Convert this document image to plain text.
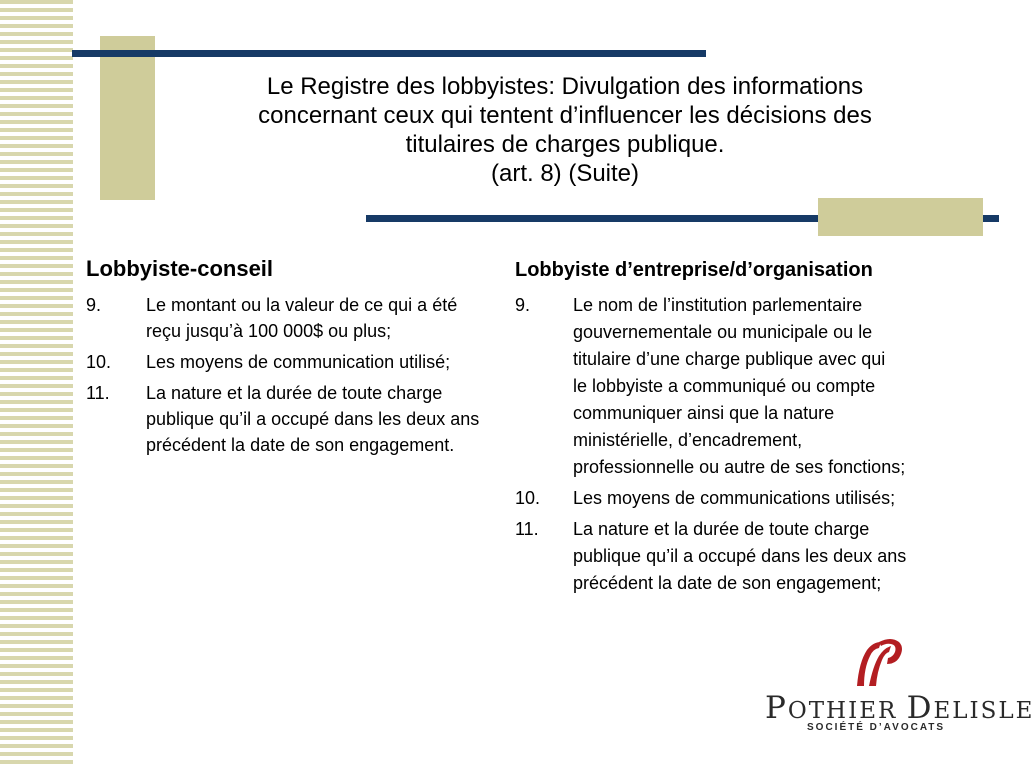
Le Registre des lobbyistes: Divulgation des informations
concernant ceux qui tentent d’influencer les décisions des
titulaires de charges publique.
(art. 8) (Suite)
Lobbyiste-conseil
9.	Le montant ou la valeur de ce qui a été reçu jusqu’à 100 000$ ou plus;
10.	Les moyens de communication utilisé;
11.	La nature et la durée de toute charge publique qu’il a occupé dans les deux ans précédent la date de son engagement.
Lobbyiste d’entreprise/d’organisation
9.	Le nom de l’institution parlementaire
gouvernementale ou municipale ou le
titulaire d’une charge publique avec qui
le lobbyiste a communiqué ou compte
communiquer ainsi que la nature
ministérielle, d’encadrement,
professionnelle ou autre de ses fonctions;
10.	Les moyens de communications utilisés;
11.	La nature et la durée de toute charge
publique qu’il a occupé dans les deux ans
précédent la date de son engagement;
POTHIER DELISLE
SOCIÉTÉ D’AVOCATS
